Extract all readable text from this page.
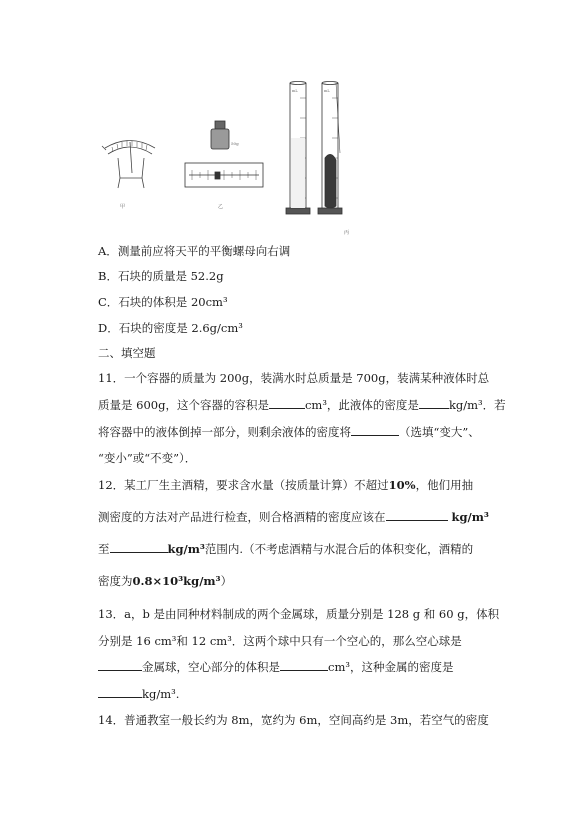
甲
50g
乙
mL	mL
丙
A．测量前应将天平的平衡螺母向右调
B．石块的质量是 52.2g
C．石块的体积是 20cm³
D．石块的密度是 2.6g/cm³
二、填空题
11．一个容器的质量为 200g，装满水时总质量是 700g，装满某种液体时总
质量是 600g，这个容器的容积是	cm³，此液体的密度是	kg/m³．若
将容器中的液体倒掉一部分，则剩余液体的密度将	（选填“变大”、
“变小”或“不变”）．
12．某工厂生主酒精，要求含水量（按质量计算）不超过10%，他们用抽
测密度的方法对产品进行检查，则合格酒精的密度应该在	kg/m³
至	kg/m³范围内.（不考虑酒精与水混合后的体积变化，酒精的
密度为0.8×10³kg/m³）
13．a，b 是由同种材料制成的两个金属球，质量分别是 128 g 和 60 g，体积
分别是 16 cm³和 12 cm³．这两个球中只有一个空心的，那么空心球是
金属球，空心部分的体积是	cm³，这种金属的密度是
kg/m³.
14．普通教室一般长约为 8m，宽约为 6m，空间高约是 3m，若空气的密度
